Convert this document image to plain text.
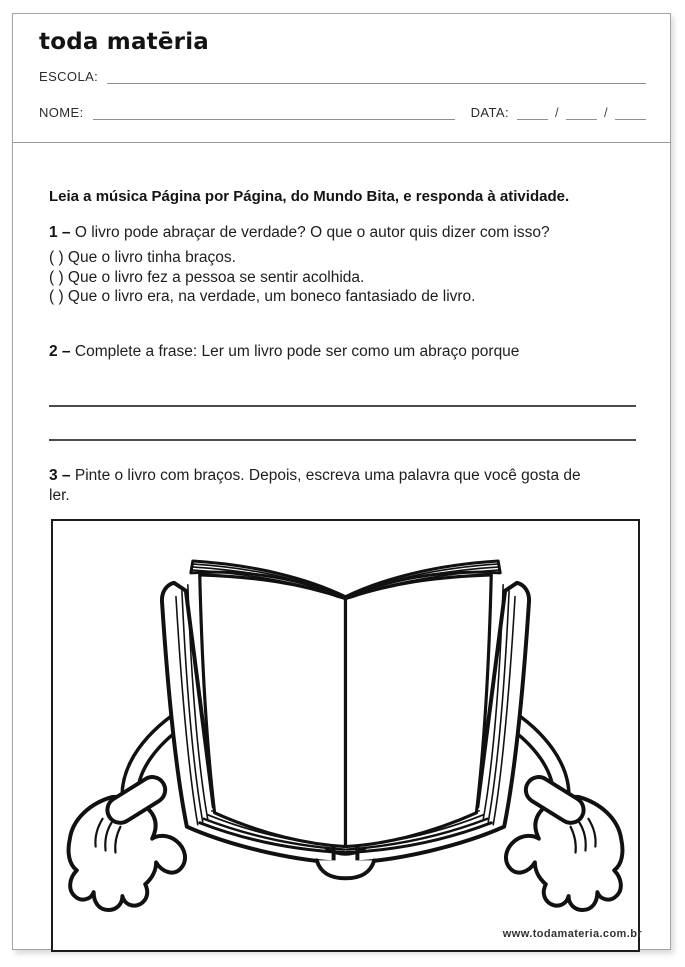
toda matēria
ESCOLA:
NOME:	DATA:	/	/

Leia a música Página por Página, do Mundo Bita, e responda à atividade.

1 – O livro pode abraçar de verdade? O que o autor quis dizer com isso?

( ) Que o livro tinha braços.
( ) Que o livro fez a pessoa se sentir acolhida.
( ) Que o livro era, na verdade, um boneco fantasiado de livro.

2 – Complete a frase: Ler um livro pode ser como um abraço porque

3 – Pinte o livro com braços. Depois, escreva uma palavra que você gosta de ler.

www.todamateria.com.br
